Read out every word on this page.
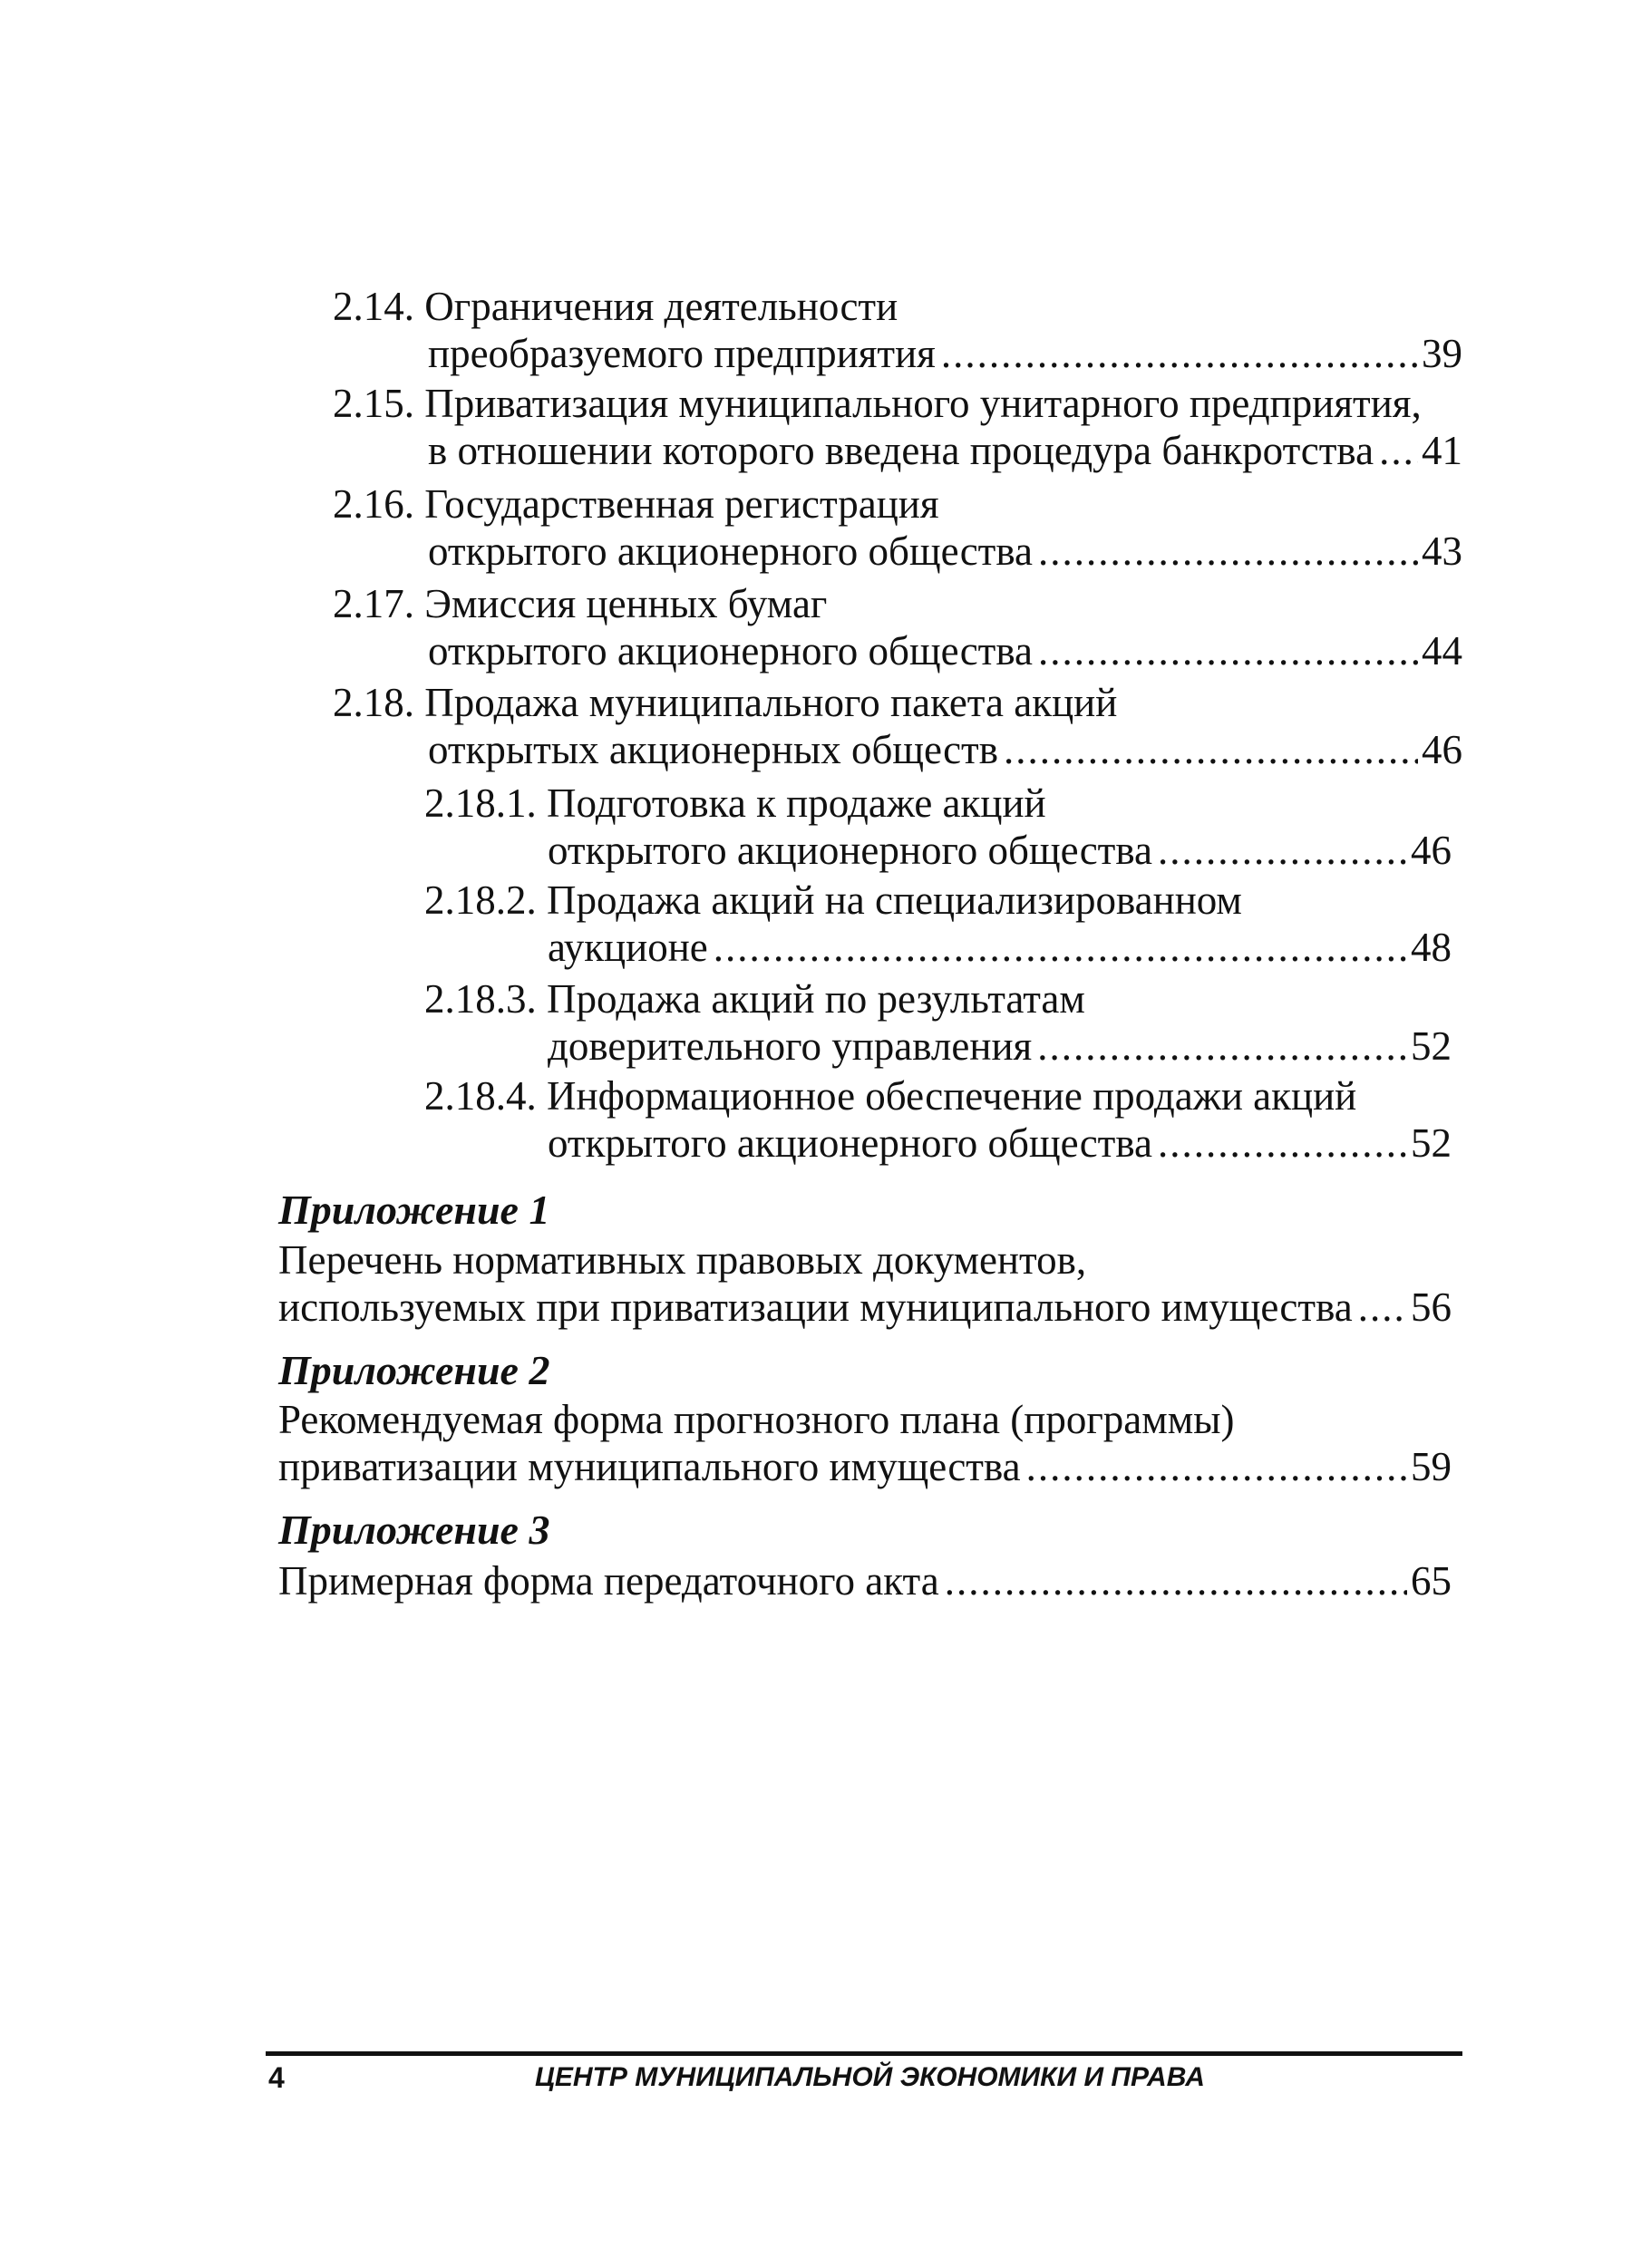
2.14. Ограничения деятельности
преобразуемого предприятия .....	39
2.15. Приватизация муниципального унитарного предприятия,
в отношении которого введена процедура банкротства ..... 41
2.16. Государственная регистрация
открытого акционерного общества .....	43
2.17. Эмиссия ценных бумаг
открытого акционерного общества .....	44
2.18. Продажа муниципального пакета акций
открытых акционерных обществ .....	46
2.18.1. Подготовка к продаже акций
открытого акционерного общества .....	46
2.18.2. Продажа акций на специализированном
аукционе .....	48
2.18.3. Продажа акций по результатам
доверительного управления .....	52
2.18.4. Информационное обеспечение продажи акций
открытого акционерного общества .....	52
Приложение 1
Перечень нормативных правовых документов,
используемых при приватизации муниципального имущества ..... 56
Приложение 2
Рекомендуемая форма прогнозного плана (программы)
приватизации муниципального имущества .....	59
Приложение 3
Примерная форма передаточного акта .....	65
4	ЦЕНТР МУНИЦИПАЛЬНОЙ ЭКОНОМИКИ И ПРАВА
